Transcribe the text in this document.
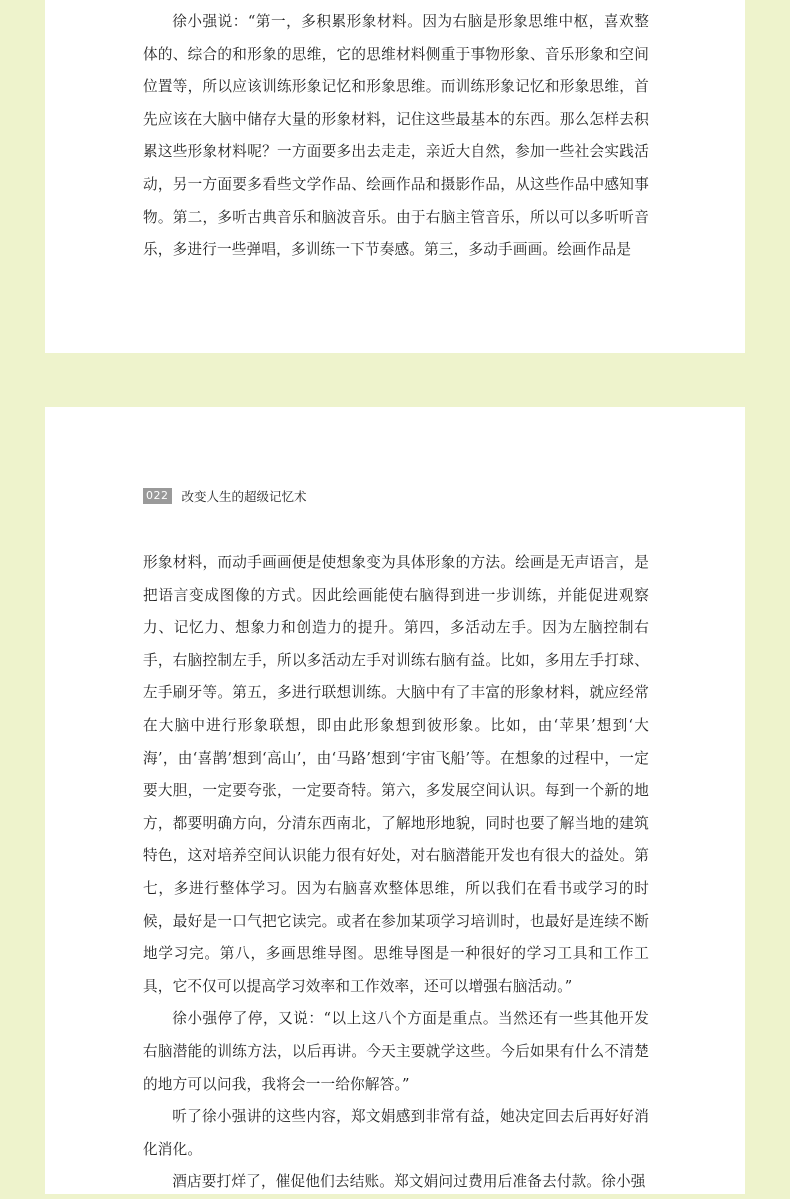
徐小强说：“第一，多积累形象材料。因为右脑是形象思维中枢，喜欢整体的、综合的和形象的思维，它的思维材料侧重于事物形象、音乐形象和空间位置等，所以应该训练形象记忆和形象思维。而训练形象记忆和形象思维，首先应该在大脑中储存大量的形象材料，记住这些最基本的东西。那么怎样去积累这些形象材料呢？一方面要多出去走走，亲近大自然，参加一些社会实践活动，另一方面要多看些文学作品、绘画作品和摄影作品，从这些作品中感知事物。第二，多听古典音乐和脑波音乐。由于右脑主管音乐，所以可以多听听音乐，多进行一些弹唱，多训练一下节奏感。第三，多动手画画。绘画作品是

022 改变人生的超级记忆术

形象材料，而动手画画便是使想象变为具体形象的方法。绘画是无声语言，是把语言变成图像的方式。因此绘画能使右脑得到进一步训练，并能促进观察力、记忆力、想象力和创造力的提升。第四，多活动左手。因为左脑控制右手，右脑控制左手，所以多活动左手对训练右脑有益。比如，多用左手打球、左手刷牙等。第五，多进行联想训练。大脑中有了丰富的形象材料，就应经常在大脑中进行形象联想，即由此形象想到彼形象。比如，由‘苹果’想到‘大海’，由‘喜鹊’想到‘高山’，由‘马路’想到‘宇宙飞船’等。在想象的过程中，一定要大胆，一定要夸张，一定要奇特。第六，多发展空间认识。每到一个新的地方，都要明确方向，分清东西南北，了解地形地貌，同时也要了解当地的建筑特色，这对培养空间认识能力很有好处，对右脑潜能开发也有很大的益处。第七，多进行整体学习。因为右脑喜欢整体思维，所以我们在看书或学习的时候，最好是一口气把它读完。或者在参加某项学习培训时，也最好是连续不断地学习完。第八，多画思维导图。思维导图是一种很好的学习工具和工作工具，它不仅可以提高学习效率和工作效率，还可以增强右脑活动。”

徐小强停了停，又说：“以上这八个方面是重点。当然还有一些其他开发右脑潜能的训练方法，以后再讲。今天主要就学这些。今后如果有什么不清楚的地方可以问我，我将会一一给你解答。”

听了徐小强讲的这些内容，郑文娟感到非常有益，她决定回去后再好好消化消化。

酒店要打烊了，催促他们去结账。郑文娟问过费用后准备去付款。徐小强
